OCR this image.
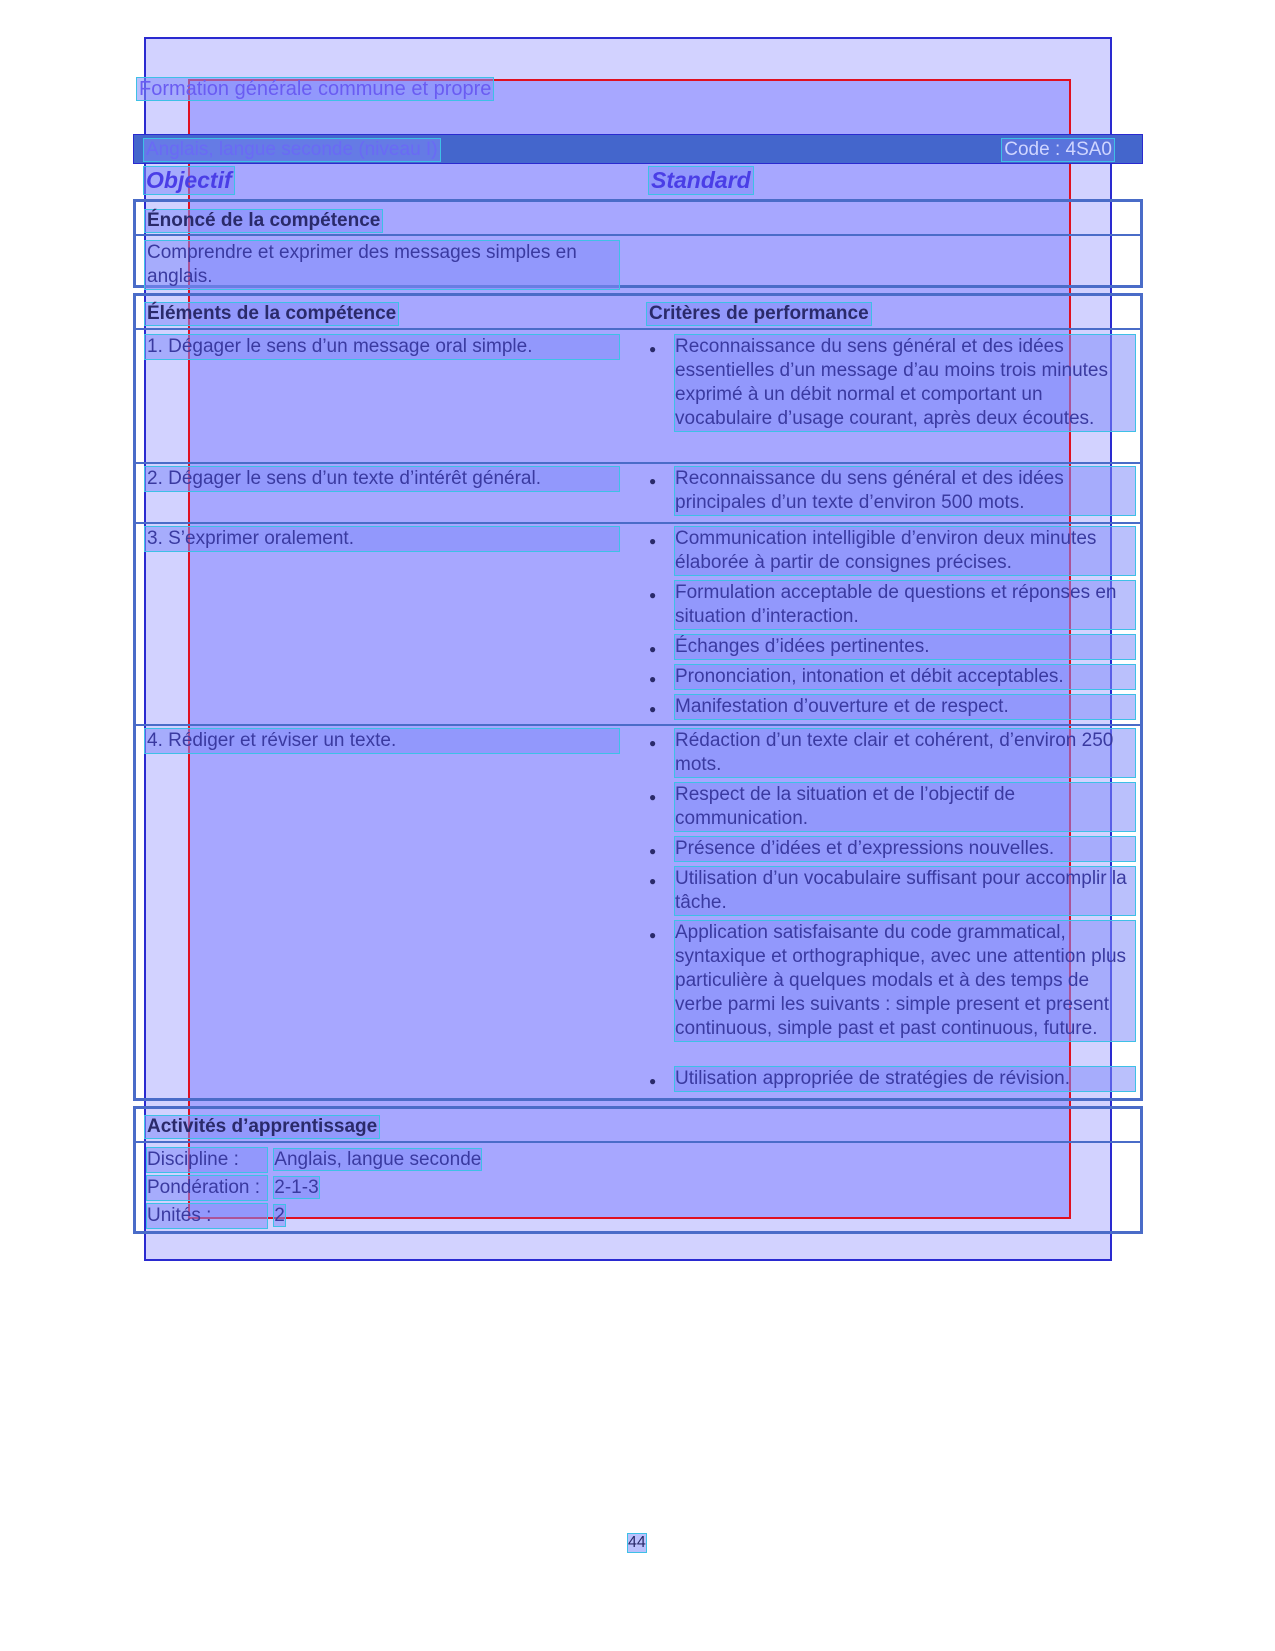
Formation générale commune et propre
Anglais, langue seconde (niveau I)	Code : 4SA0
Objectif	Standard
Énoncé de la compétence
Comprendre et exprimer des messages simples en anglais.
Éléments de la compétence	Critères de performance
1. Dégager le sens d’un message oral simple.	● Reconnaissance du sens général et des idées essentielles d’un message d’au moins trois minutes exprimé à un débit normal et comportant un vocabulaire d’usage courant, après deux écoutes.
2. Dégager le sens d’un texte d’intérêt général.	● Reconnaissance du sens général et des idées principales d’un texte d’environ 500 mots.
3. S’exprimer oralement.	● Communication intelligible d’environ deux minutes élaborée à partir de consignes précises.
● Formulation acceptable de questions et réponses en situation d’interaction.
● Échanges d’idées pertinentes.
● Prononciation, intonation et débit acceptables.
● Manifestation d’ouverture et de respect.
4. Rédiger et réviser un texte.	● Rédaction d’un texte clair et cohérent, d’environ 250 mots.
● Respect de la situation et de l’objectif de communication.
● Présence d’idées et d’expressions nouvelles.
● Utilisation d’un vocabulaire suffisant pour accomplir la tâche.
● Application satisfaisante du code grammatical, syntaxique et orthographique, avec une attention plus particulière à quelques modals et à des temps de verbe parmi les suivants : simple present et present continuous, simple past et past continuous, future.
● Utilisation appropriée de stratégies de révision.
Activités d’apprentissage
Discipline : Anglais, langue seconde
Pondération : 2-1-3
Unités :	2
44
